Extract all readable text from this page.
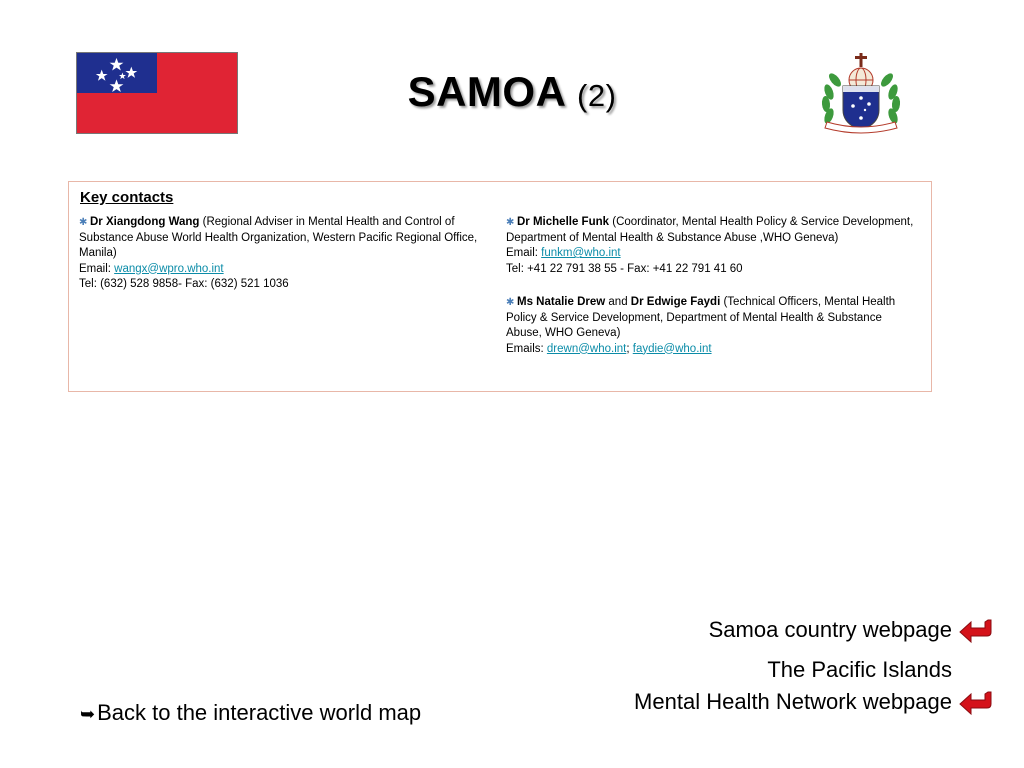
SAMOA (2)
Key contacts
✱ Dr Xiangdong Wang (Regional Adviser in Mental Health and Control of Substance Abuse World Health Organization, Western Pacific Regional Office, Manila)
Email: wangx@wpro.who.int
Tel: (632) 528 9858- Fax: (632) 521 1036
✱ Dr Michelle Funk (Coordinator, Mental Health Policy & Service Development, Department of Mental Health & Substance Abuse ,WHO Geneva)
Email: funkm@who.int
Tel: +41 22 791 38 55 - Fax: +41 22 791 41 60
✱ Ms Natalie Drew and Dr Edwige Faydi (Technical Officers, Mental Health Policy & Service Development, Department of Mental Health & Substance Abuse, WHO Geneva)
Emails: drewn@who.int; faydie@who.int
Samoa country webpage
The Pacific Islands
Mental Health Network webpage
➥Back to the interactive world map
